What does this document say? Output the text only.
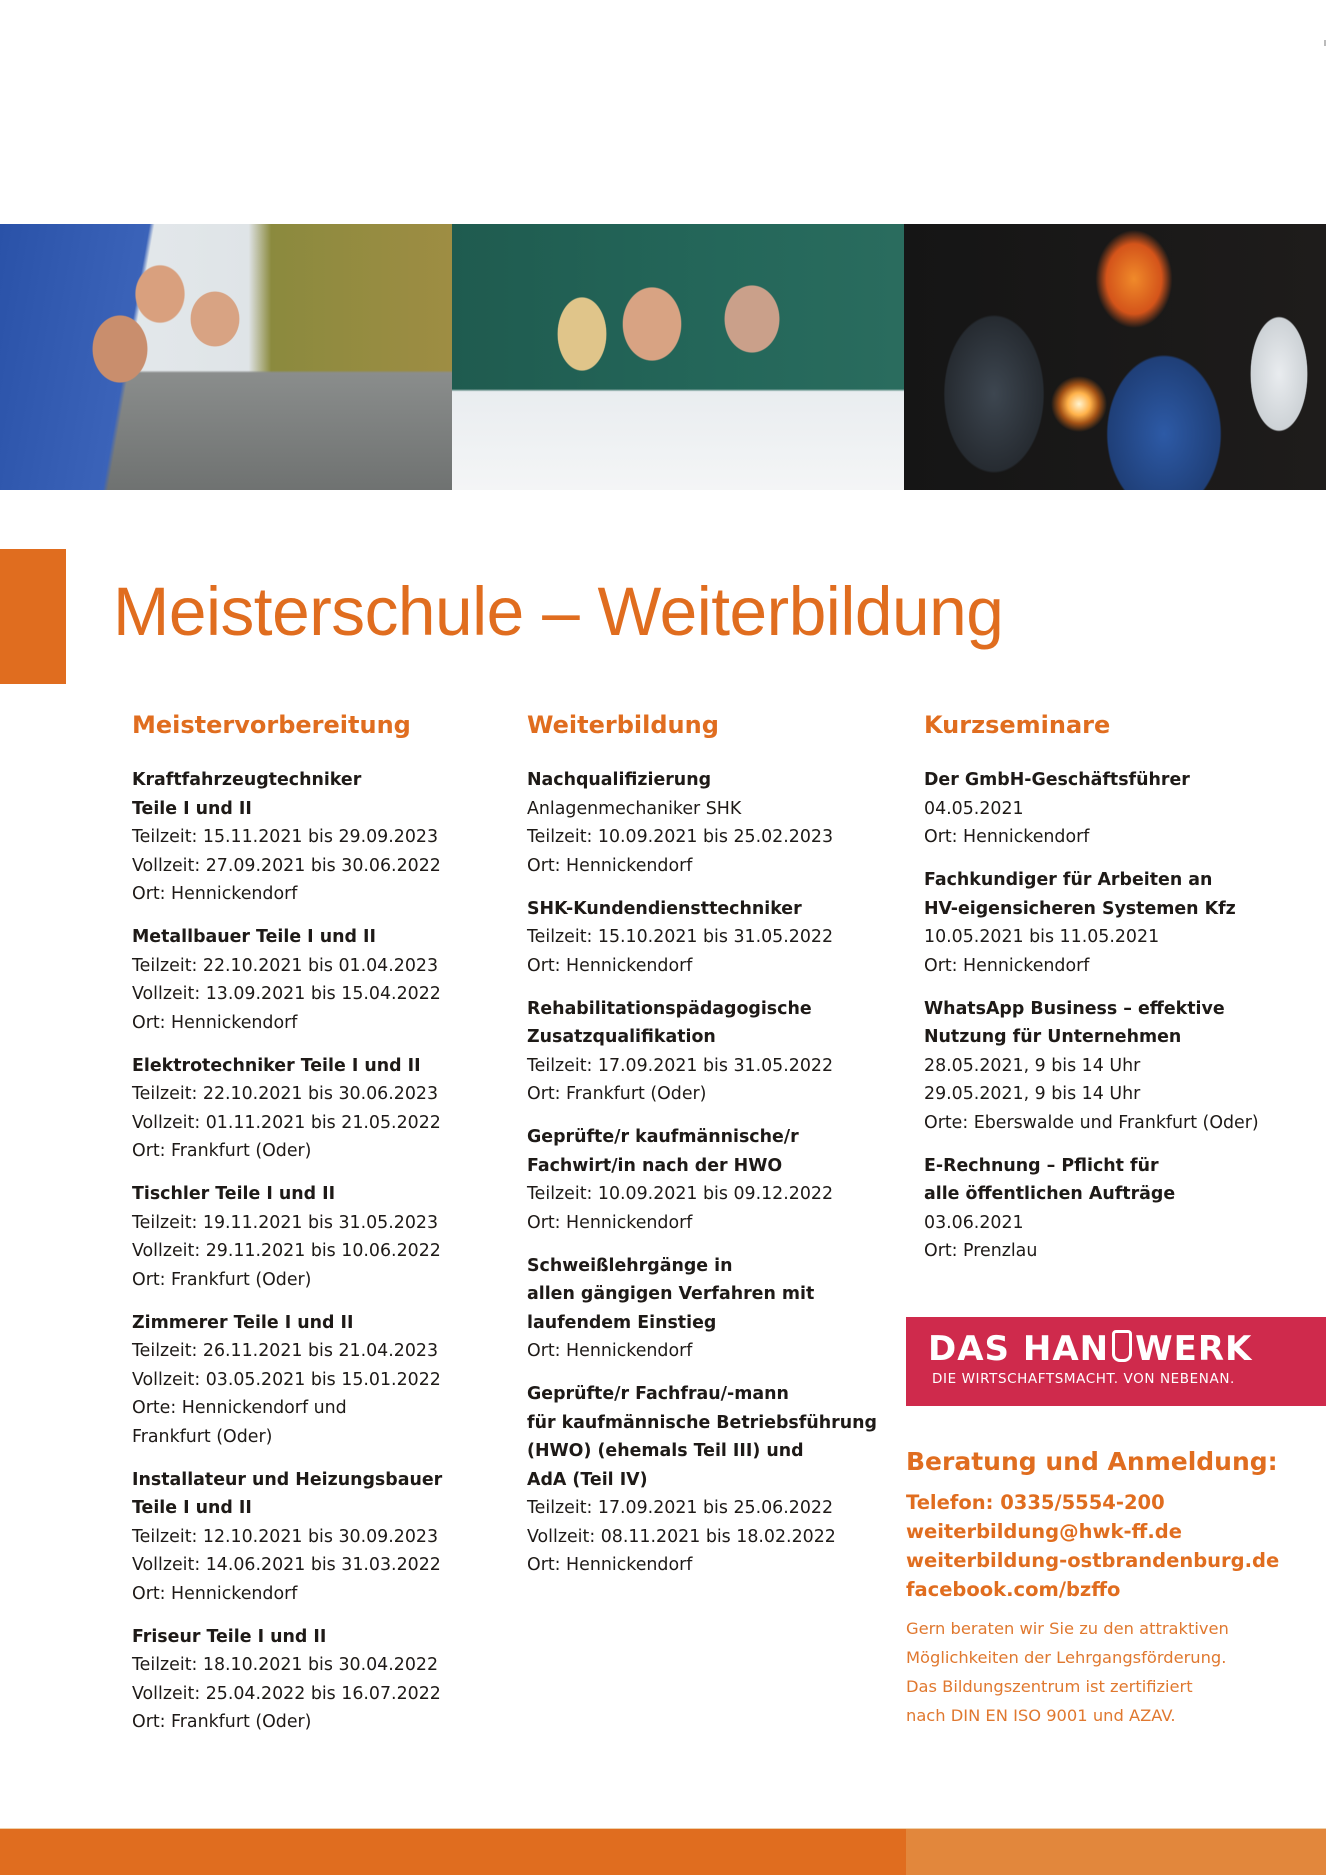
Meisterschule – Weiterbildung
Meistervorbereitung
Kraftfahrzeugtechniker
Teile I und II
Teilzeit: 15.11.2021 bis 29.09.2023
Vollzeit: 27.09.2021 bis 30.06.2022
Ort: Hennickendorf
Metallbauer Teile I und II
Teilzeit: 22.10.2021 bis 01.04.2023
Vollzeit: 13.09.2021 bis 15.04.2022
Ort: Hennickendorf
Elektrotechniker Teile I und II
Teilzeit: 22.10.2021 bis 30.06.2023
Vollzeit: 01.11.2021 bis 21.05.2022
Ort: Frankfurt (Oder)
Tischler Teile I und II
Teilzeit: 19.11.2021 bis 31.05.2023
Vollzeit: 29.11.2021 bis 10.06.2022
Ort: Frankfurt (Oder)
Zimmerer Teile I und II
Teilzeit: 26.11.2021 bis 21.04.2023
Vollzeit: 03.05.2021 bis 15.01.2022
Orte: Hennickendorf und
Frankfurt (Oder)
Installateur und Heizungsbauer
Teile I und II
Teilzeit: 12.10.2021 bis 30.09.2023
Vollzeit: 14.06.2021 bis 31.03.2022
Ort: Hennickendorf
Friseur Teile I und II
Teilzeit: 18.10.2021 bis 30.04.2022
Vollzeit: 25.04.2022 bis 16.07.2022
Ort: Frankfurt (Oder)
Weiterbildung
Nachqualifizierung
Anlagenmechaniker SHK
Teilzeit: 10.09.2021 bis 25.02.2023
Ort: Hennickendorf
SHK-Kundendiensttechniker
Teilzeit: 15.10.2021 bis 31.05.2022
Ort: Hennickendorf
Rehabilitationspädagogische
Zusatzqualifikation
Teilzeit: 17.09.2021 bis 31.05.2022
Ort: Frankfurt (Oder)
Geprüfte/r kaufmännische/r
Fachwirt/in nach der HWO
Teilzeit: 10.09.2021 bis 09.12.2022
Ort: Hennickendorf
Schweißlehrgänge in
allen gängigen Verfahren mit
laufendem Einstieg
Ort: Hennickendorf
Geprüfte/r Fachfrau/-mann
für kaufmännische Betriebsführung
(HWO) (ehemals Teil III) und
AdA (Teil IV)
Teilzeit: 17.09.2021 bis 25.06.2022
Vollzeit: 08.11.2021 bis 18.02.2022
Ort: Hennickendorf
Kurzseminare
Der GmbH-Geschäftsführer
04.05.2021
Ort: Hennickendorf
Fachkundiger für Arbeiten an
HV-eigensicheren Systemen Kfz
10.05.2021 bis 11.05.2021
Ort: Hennickendorf
WhatsApp Business – effektive
Nutzung für Unternehmen
28.05.2021, 9 bis 14 Uhr
29.05.2021, 9 bis 14 Uhr
Orte: Eberswalde und Frankfurt (Oder)
E-Rechnung – Pflicht für
alle öffentlichen Aufträge
03.06.2021
Ort: Prenzlau
DAS HAN WERK
DIE WIRTSCHAFTSMACHT. VON NEBENAN.
Beratung und Anmeldung:
Telefon: 0335/5554-200
weiterbildung@hwk-ff.de
weiterbildung-ostbrandenburg.de
facebook.com/bzffo
Gern beraten wir Sie zu den attraktiven
Möglichkeiten der Lehrgangsförderung.
Das Bildungszentrum ist zertifiziert
nach DIN EN ISO 9001 und AZAV.
